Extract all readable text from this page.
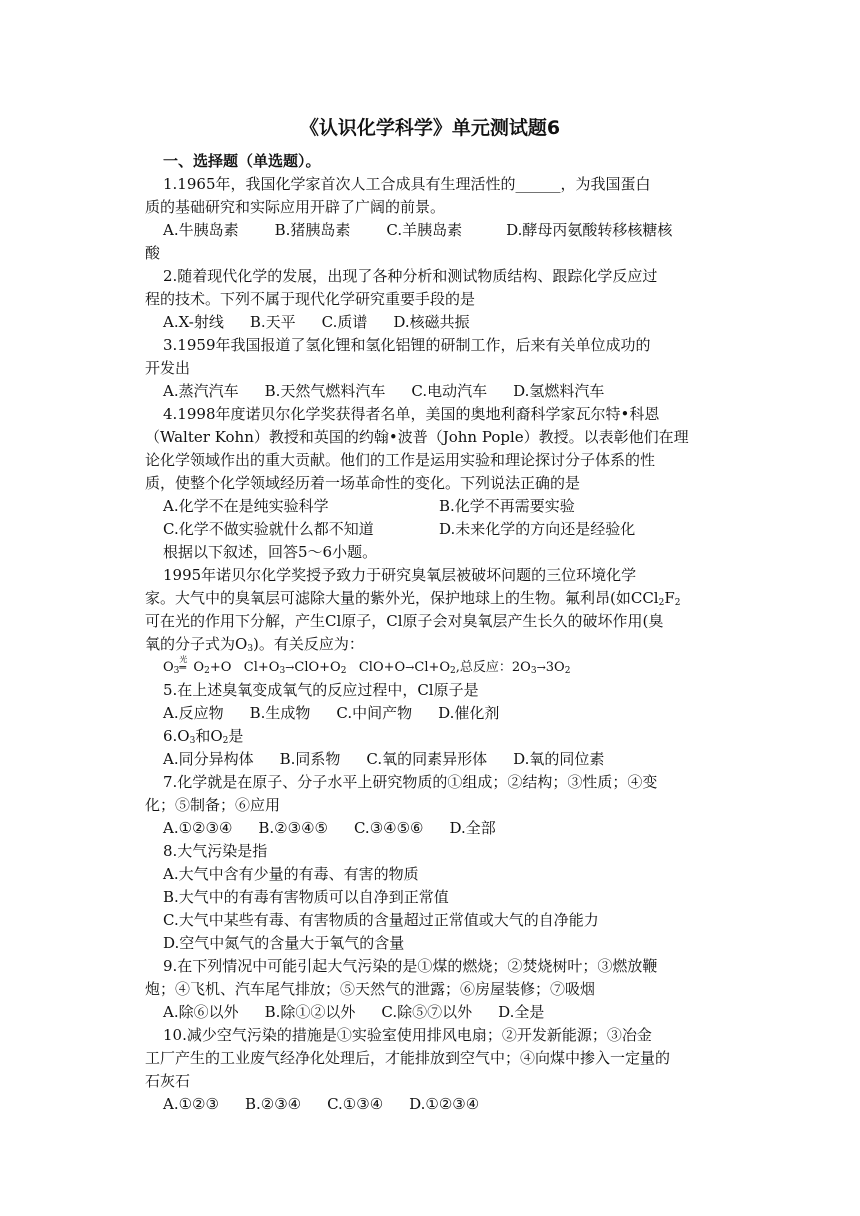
《认识化学科学》单元测试题6
一、选择题（单选题）。
1.1965年，我国化学家首次人工合成具有生理活性的______，为我国蛋白
质的基础研究和实际应用开辟了广阔的前景。
A.牛胰岛素 B.猪胰岛素 C.羊胰岛素	D.酵母丙氨酸转移核糖核
酸
2.随着现代化学的发展，出现了各种分析和测试物质结构、跟踪化学反应过
程的技术。下列不属于现代化学研究重要手段的是
A.X-射线 B.天平 C.质谱 D.核磁共振
3.1959年我国报道了氢化锂和氢化铝锂的研制工作，后来有关单位成功的
开发出
A.蒸汽汽车 B.天然气燃料汽车 C.电动汽车 D.氢燃料汽车
4.1998年度诺贝尔化学奖获得者名单，美国的奥地利裔科学家瓦尔特•科恩
（Walter Kohn）教授和英国的约翰•波普（John Pople）教授。以表彰他们在理
论化学领域作出的重大贡献。他们的工作是运用实验和理论探讨分子体系的性
质，使整个化学领域经历着一场革命性的变化。下列说法正确的是
A.化学不在是纯实验科学	B.化学不再需要实验
C.化学不做实验就什么都不知道	D.未来化学的方向还是经验化
根据以下叙述，回答5～6小题。
1995年诺贝尔化学奖授予致力于研究臭氧层被破坏问题的三位环境化学
家。大气中的臭氧层可滤除大量的紫外光，保护地球上的生物。氟利昂(如$CCl_2F_2$
可在光的作用下分解，产生Cl原子，Cl原子会对臭氧层产生长久的破坏作用(臭
氧的分子式为$O_3$)。有关反应为：
$O_3$
光
═ $O_2+O$ $Cl+O_3\to ClO+O_2$ $ClO+O\to Cl+O_2$,总反应：$2O_3\to 3O_2$
5.在上述臭氧变成氧气的反应过程中，Cl原子是
A.反应物 B.生成物 C.中间产物 D.催化剂
$6.O_3$和$O_2$是
A.同分异构体 B.同系物 C.氧的同素异形体 D.氧的同位素
7.化学就是在原子、分子水平上研究物质的①组成；②结构；③性质；④变
化；⑤制备；⑥应用
A.①②③④ B.②③④⑤ C.③④⑤⑥ D.全部
8.大气污染是指
A.大气中含有少量的有毒、有害的物质
B.大气中的有毒有害物质可以自净到正常值
C.大气中某些有毒、有害物质的含量超过正常值或大气的自净能力
D.空气中氮气的含量大于氧气的含量
9.在下列情况中可能引起大气污染的是①煤的燃烧；②焚烧树叶；③燃放鞭
炮；④飞机、汽车尾气排放；⑤天然气的泄露；⑥房屋装修；⑦吸烟
A.除⑥以外 B.除①②以外 C.除⑤⑦以外 D.全是
10.减少空气污染的措施是①实验室使用排风电扇；②开发新能源；③冶金
工厂产生的工业废气经净化处理后，才能排放到空气中；④向煤中掺入一定量的
石灰石
A.①②③ B.②③④ C.①③④ D.①②③④
